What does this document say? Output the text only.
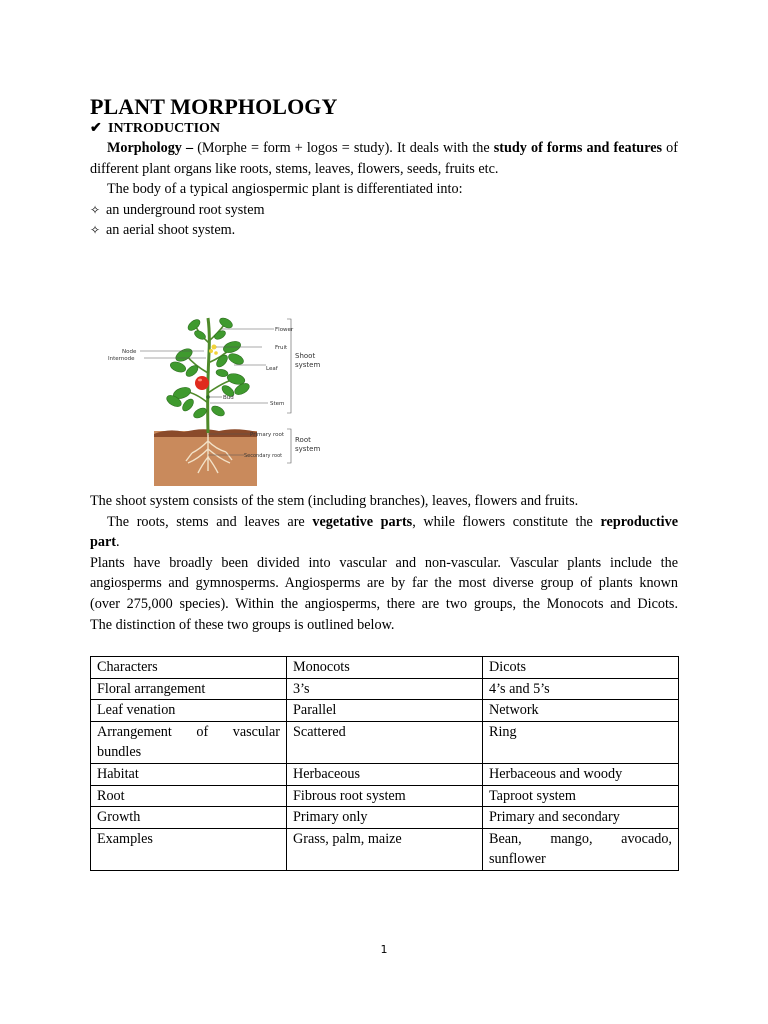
PLANT MORPHOLOGY

✔ INTRODUCTION

Morphology – (Morphe = form + logos = study). It deals with the study of forms and features of

different plant organs like roots, stems, leaves, flowers, seeds, fruits etc.

The body of a typical angiospermic plant is differentiated into:

✧ an underground root system

✧ an aerial shoot system.

Flower
Fruit
Node
Internode
Leaf
Bud
Stem
Primary root
Secondary root
Shoot
system
Root
system

The shoot system consists of the stem (including branches), leaves, flowers and fruits.

The roots, stems and leaves are vegetative parts, while flowers constitute the reproductive

part.

Plants have broadly been divided into vascular and non-vascular. Vascular plants include the

angiosperms and gymnosperms. Angiosperms are by far the most diverse group of plants known

(over 275,000 species). Within the angiosperms, there are two groups, the Monocots and Dicots.

The distinction of these two groups is outlined below.

Characters	Monocots	Dicots
Floral arrangement	3’s	4’s and 5’s
Leaf venation	Parallel	Network

Arrangement of vascular
bundles	Scattered	Ring
Habitat	Herbaceous	Herbaceous and woody
Root	Fibrous root system	Taproot system
Growth	Primary only	Primary and secondary
Examples	Grass, palm, maize	Bean, mango, avocado,
sunflower
1
